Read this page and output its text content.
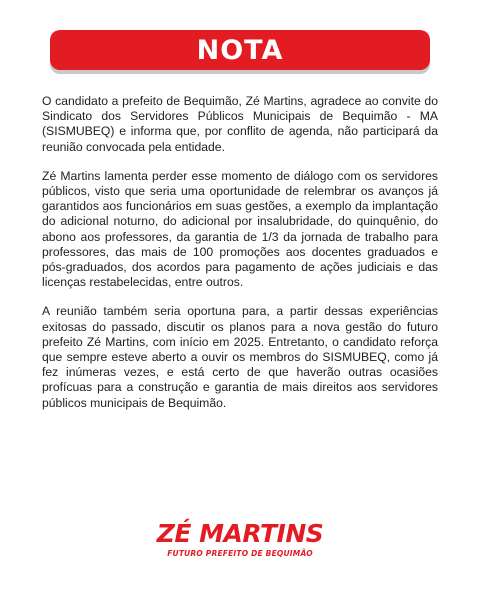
NOTA

O candidato a prefeito de Bequimão, Zé Martins, agradece ao convite do Sindicato dos Servidores Públicos Municipais de Bequimão - MA (SISMUBEQ) e informa que, por conflito de agenda, não participará da reunião convocada pela entidade.

Zé Martins lamenta perder esse momento de diálogo com os servidores públicos, visto que seria uma oportunidade de relembrar os avanços já garantidos aos funcionários em suas gestões, a exemplo da implantação do adicional noturno, do adicional por insalubridade, do quinquênio, do abono aos professores, da garantia de 1/3 da jornada de trabalho para professores, das mais de 100 promoções aos docentes graduados e pós-graduados, dos acordos para pagamento de ações judiciais e das licenças restabelecidas, entre outros.

A reunião também seria oportuna para, a partir dessas experiências exitosas do passado, discutir os planos para a nova gestão do futuro prefeito Zé Martins, com início em 2025. Entretanto, o candidato reforça que sempre esteve aberto a ouvir os membros do SISMUBEQ, como já fez inúmeras vezes, e está certo de que haverão outras ocasiões profícuas para a construção e garantia de mais direitos aos servidores públicos municipais de Bequimão.

ZÉ MARTINS
FUTURO PREFEITO DE BEQUIMÃO
